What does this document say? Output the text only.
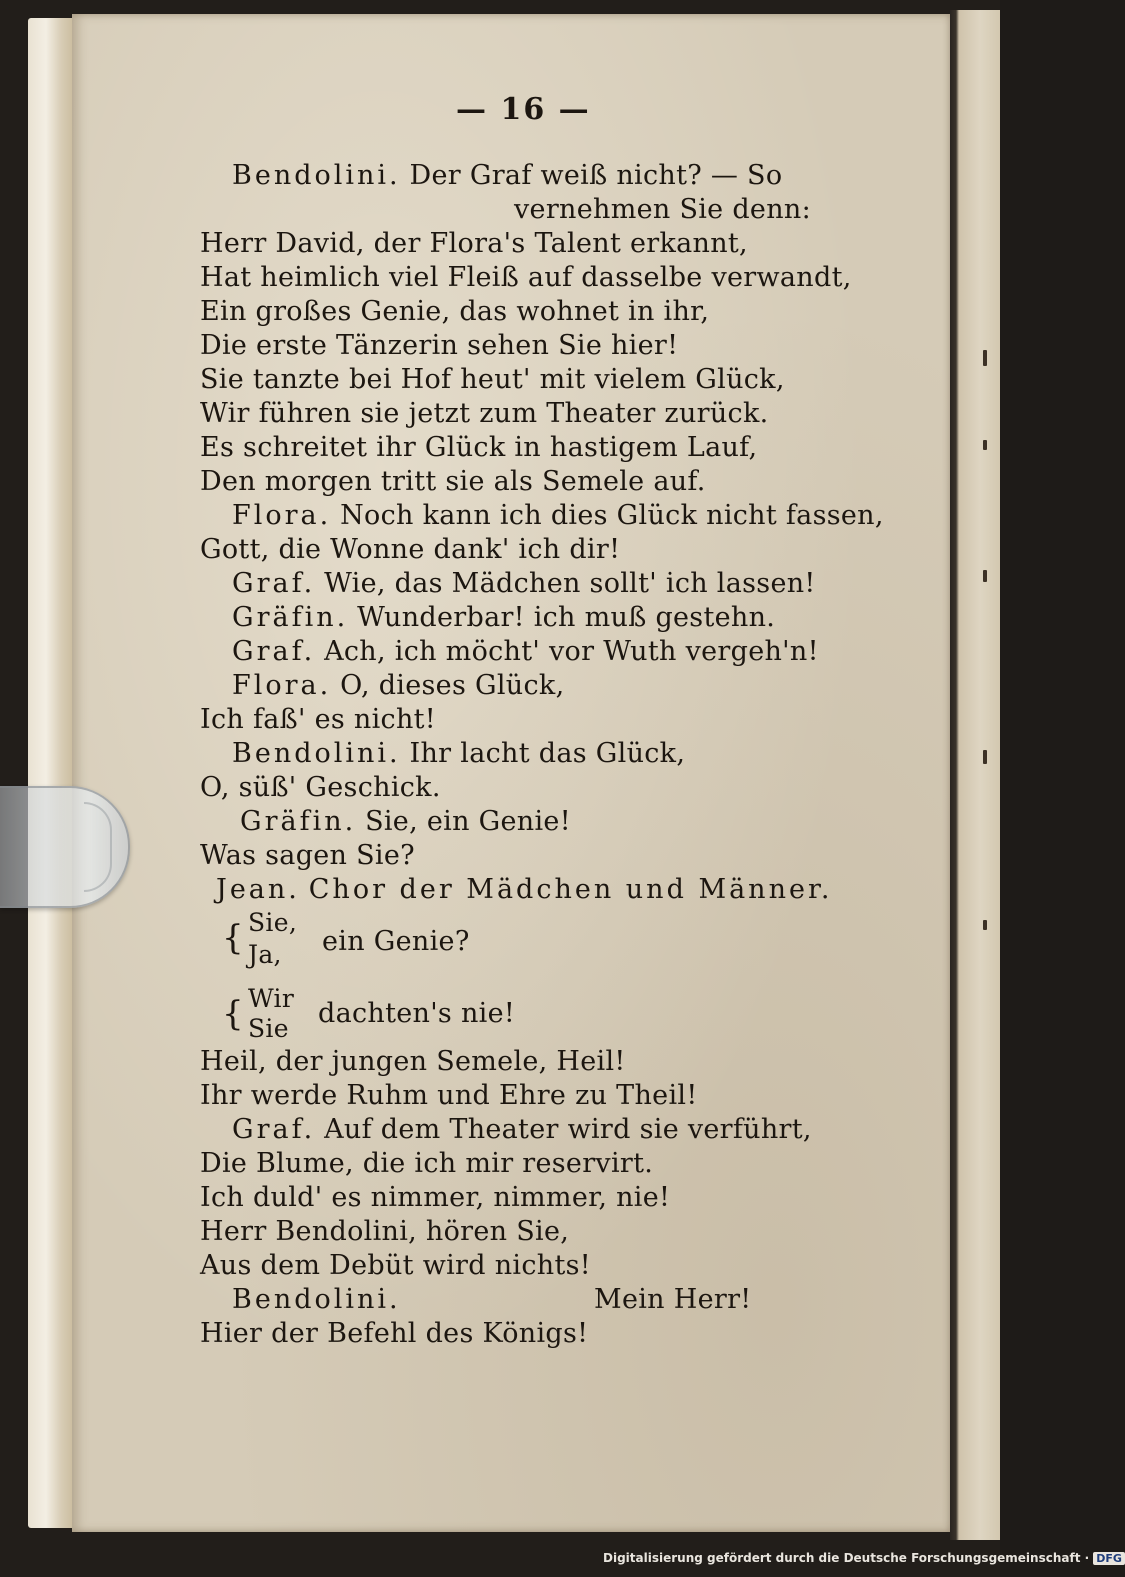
— 16 —
Bendolini. Der Graf weiß nicht? — So
vernehmen Sie denn:
Herr David, der Flora's Talent erkannt,
Hat heimlich viel Fleiß auf dasselbe verwandt,
Ein großes Genie, das wohnet in ihr,
Die erste Tänzerin sehen Sie hier!
Sie tanzte bei Hof heut' mit vielem Glück,
Wir führen sie jetzt zum Theater zurück.
Es schreitet ihr Glück in hastigem Lauf,
Den morgen tritt sie als Semele auf.
Flora. Noch kann ich dies Glück nicht fassen,
Gott, die Wonne dank' ich dir!
Graf. Wie, das Mädchen sollt' ich lassen!
Gräfin. Wunderbar! ich muß gestehn.
Graf. Ach, ich möcht' vor Wuth vergeh'n!
Flora. O, dieses Glück,
Ich faß' es nicht!
Bendolini. Ihr lacht das Glück,
O, süß' Geschick.
Gräfin. Sie, ein Genie!
Was sagen Sie?
Jean. Chor der Mädchen und Männer.
{ Sie,
Ja, ein Genie?
{ Wir
Sie dachten's nie!
Heil, der jungen Semele, Heil!
Ihr werde Ruhm und Ehre zu Theil!
Graf. Auf dem Theater wird sie verführt,
Die Blume, die ich mir reservirt.
Ich duld' es nimmer, nimmer, nie!
Herr Bendolini, hören Sie,
Aus dem Debüt wird nichts!
Bendolini.	Mein Herr!
Hier der Befehl des Königs!
Digitalisierung gefördert durch die Deutsche Forschungsgemeinschaft · DFG
